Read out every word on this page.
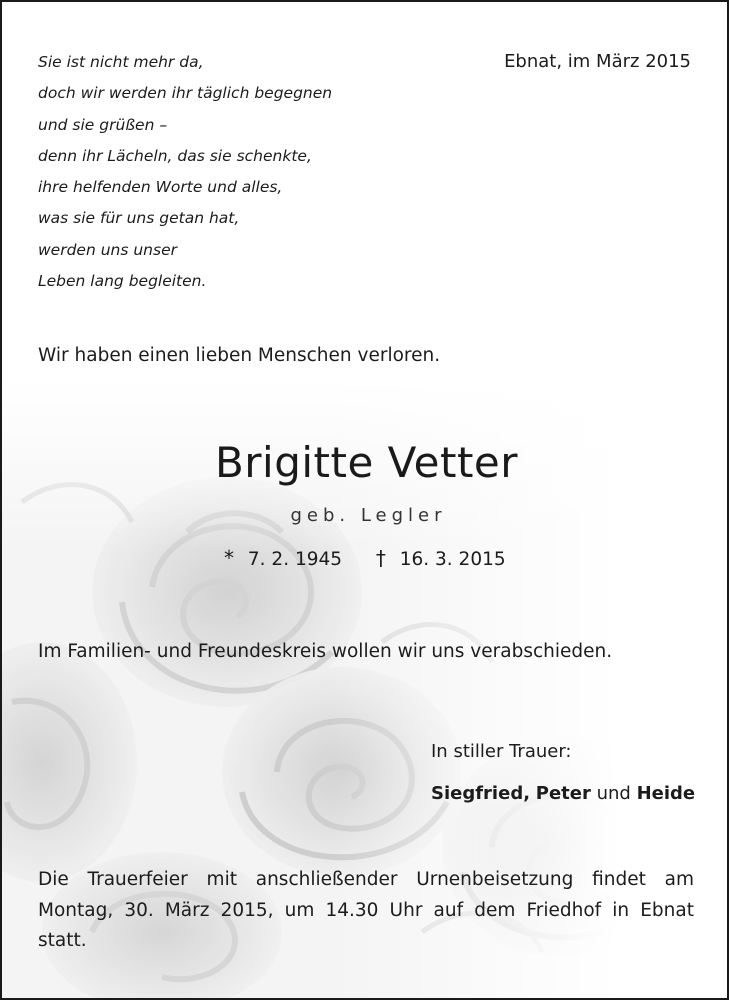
Sie ist nicht mehr da,
doch wir werden ihr täglich begegnen
und sie grüßen –
denn ihr Lächeln, das sie schenkte,
ihre helfenden Worte und alles,
was sie für uns getan hat,
werden uns unser
Leben lang begleiten.
Ebnat, im März 2015
Wir haben einen lieben Menschen verloren.
Brigitte Vetter
geb. Legler
* 7. 2. 1945 † 16. 3. 2015
Im Familien- und Freundeskreis wollen wir uns verabschieden.
In stiller Trauer:
Siegfried, Peter und Heide
Die Trauerfeier mit anschließender Urnenbeisetzung findet am
Montag, 30. März 2015, um 14.30 Uhr auf dem Friedhof in Ebnat
statt.
